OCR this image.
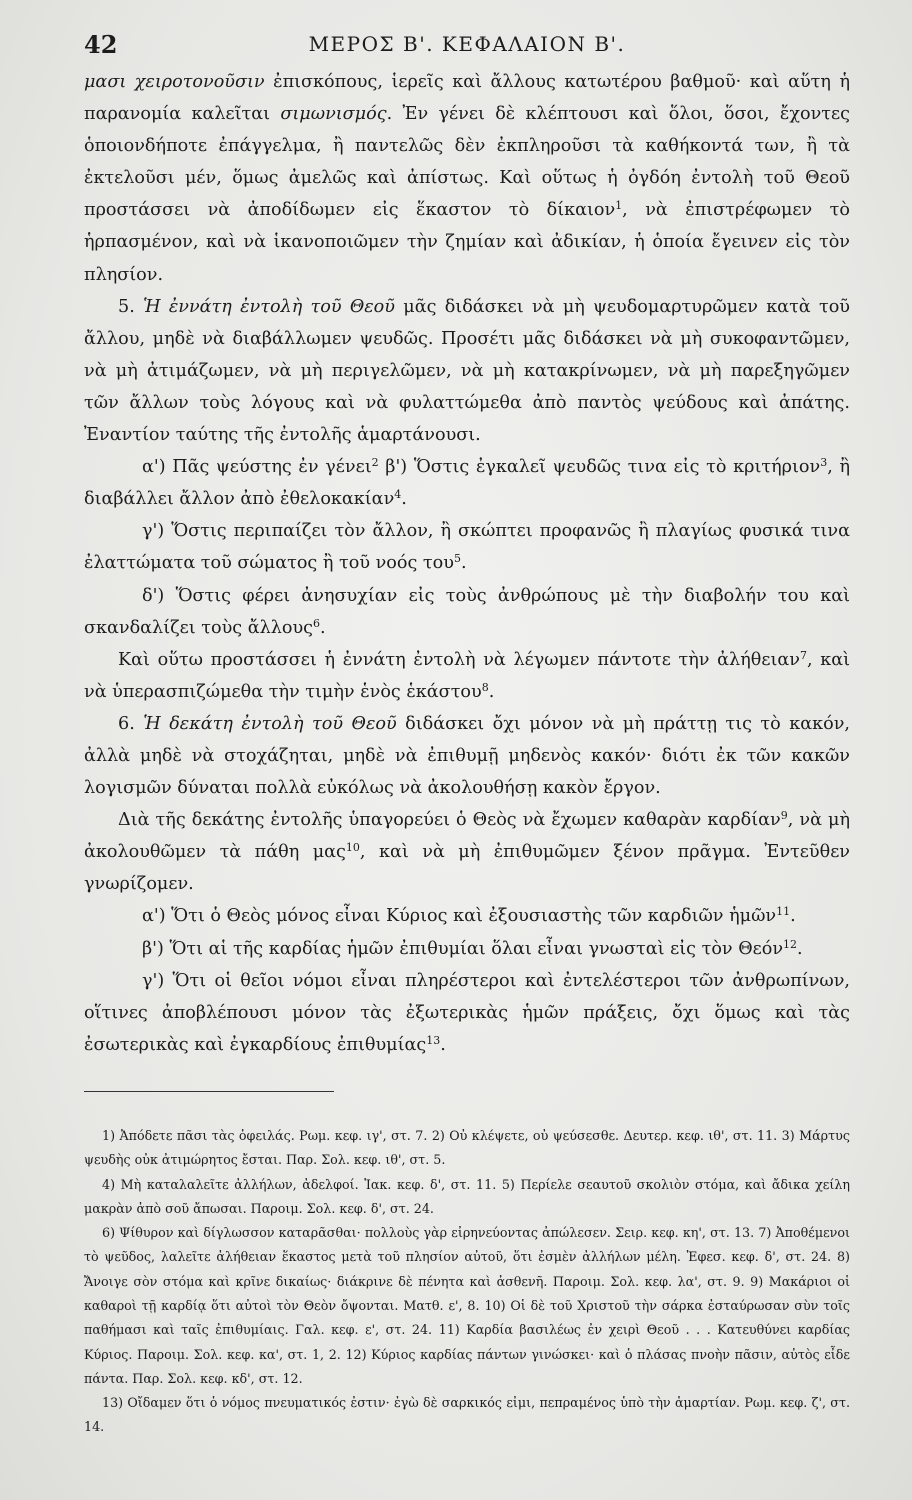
42	ΜΕΡΟΣ Β'. ΚΕΦΑΛΑΙΟΝ Β'.

μασι χειροτονοῦσιν ἐπισκόπους, ἱερεῖς καὶ ἄλλους κατωτέρου βαθμοῦ· καὶ αὕτη ἡ παρανομία καλεῖται σιμωνισμός. Ἐν γένει δὲ κλέπτουσι καὶ ὅλοι, ὅσοι, ἔχοντες ὁποιονδήποτε ἐπάγγελμα, ἢ παντελῶς δὲν ἐκπληροῦσι τὰ καθήκοντά των, ἢ τὰ ἐκτελοῦσι μέν, ὅμως ἀμελῶς καὶ ἀπίστως. Καὶ οὕτως ἡ ὀγδόη ἐντολὴ τοῦ Θεοῦ προστάσσει νὰ ἀποδίδωμεν εἰς ἕκαστον τὸ δίκαιον$^1$, νὰ ἐπιστρέφωμεν τὸ ἡρπασμένον, καὶ νὰ ἱκανοποιῶμεν τὴν ζημίαν καὶ ἀδικίαν, ἡ ὁποία ἔγεινεν εἰς τὸν πλησίον.

5. Ἡ ἐννάτη ἐντολὴ τοῦ Θεοῦ μᾶς διδάσκει νὰ μὴ ψευδομαρτυρῶμεν κατὰ τοῦ ἄλλου, μηδὲ νὰ διαβάλλωμεν ψευδῶς. Προσέτι μᾶς διδάσκει νὰ μὴ συκοφαντῶμεν, νὰ μὴ ἀτιμάζωμεν, νὰ μὴ περιγελῶμεν, νὰ μὴ κατακρίνωμεν, νὰ μὴ παρεξηγῶμεν τῶν ἄλλων τοὺς λόγους καὶ νὰ φυλαττώμεθα ἀπὸ παντὸς ψεύδους καὶ ἀπάτης. Ἐναντίον ταύτης τῆς ἐντολῆς ἁμαρτάνουσι.

α') Πᾶς ψεύστης ἐν γένει$^2$ β') Ὅστις ἐγκαλεῖ ψευδῶς τινα εἰς τὸ κριτήριον$^3$, ἢ διαβάλλει ἄλλον ἀπὸ ἐθελοκακίαν$^4$.

γ') Ὅστις περιπαίζει τὸν ἄλλον, ἢ σκώπτει προφανῶς ἢ πλαγίως φυσικά τινα ἐλαττώματα τοῦ σώματος ἢ τοῦ νοός του$^5$.

δ') Ὅστις φέρει ἀνησυχίαν εἰς τοὺς ἀνθρώπους μὲ τὴν διαβολήν του καὶ σκανδαλίζει τοὺς ἄλλους$^6$.

Καὶ οὕτω προστάσσει ἡ ἐννάτη ἐντολὴ νὰ λέγωμεν πάντοτε τὴν ἀλήθειαν$^7$, καὶ νὰ ὑπερασπιζώμεθα τὴν τιμὴν ἑνὸς ἑκάστου$^8$.

6. Ἡ δεκάτη ἐντολὴ τοῦ Θεοῦ διδάσκει ὄχι μόνον νὰ μὴ πράττῃ τις τὸ κακόν, ἀλλὰ μηδὲ νὰ στοχάζηται, μηδὲ νὰ ἐπιθυμῇ μηδενὸς κακόν· διότι ἐκ τῶν κακῶν λογισμῶν δύναται πολλὰ εὐκόλως νὰ ἀκολουθήσῃ κακὸν ἔργον.

Διὰ τῆς δεκάτης ἐντολῆς ὑπαγορεύει ὁ Θεὸς νὰ ἔχωμεν καθαρὰν καρδίαν$^9$, νὰ μὴ ἀκολουθῶμεν τὰ πάθη μας$^{10}$, καὶ νὰ μὴ ἐπιθυμῶμεν ξένον πρᾶγμα. Ἐντεῦθεν γνωρίζομεν.

α') Ὅτι ὁ Θεὸς μόνος εἶναι Κύριος καὶ ἐξουσιαστὴς τῶν καρδιῶν ἡμῶν$^{11}$.

β') Ὅτι αἱ τῆς καρδίας ἡμῶν ἐπιθυμίαι ὅλαι εἶναι γνωσταὶ εἰς τὸν Θεόν$^{12}$.

γ') Ὅτι οἱ θεῖοι νόμοι εἶναι πληρέστεροι καὶ ἐντελέστεροι τῶν ἀνθρωπίνων, οἵτινες ἀποβλέπουσι μόνον τὰς ἐξωτερικὰς ἡμῶν πράξεις, ὄχι ὅμως καὶ τὰς ἐσωτερικὰς καὶ ἐγκαρδίους ἐπιθυμίας$^{13}$.

1) Ἀπόδετε πᾶσι τὰς ὀφειλάς. Ρωμ. κεφ. ιγ', στ. 7. 2) Οὐ κλέψετε, οὐ ψεύσεσθε. Δευτερ. κεφ. ιθ', στ. 11. 3) Μάρτυς ψευδὴς οὐκ ἀτιμώρητος ἔσται. Παρ. Σολ. κεφ. ιθ', στ. 5.

4) Μὴ καταλαλεῖτε ἀλλήλων, ἀδελφοί. Ἰακ. κεφ. δ', στ. 11. 5) Περίελε σεαυτοῦ σκολιὸν στόμα, καὶ ἄδικα χείλη μακρὰν ἀπὸ σοῦ ἄπωσαι. Παροιμ. Σολ. κεφ. δ', στ. 24.

6) Ψίθυρον καὶ δίγλωσσον καταρᾶσθαι· πολλοὺς γὰρ εἰρηνεύοντας ἀπώλεσεν. Σειρ. κεφ. κη', στ. 13. 7) Ἀποθέμενοι τὸ ψεῦδος, λαλεῖτε ἀλήθειαν ἕκαστος μετὰ τοῦ πλησίον αὐτοῦ, ὅτι ἐσμὲν ἀλλήλων μέλη. Ἐφεσ. κεφ. δ', στ. 24. 8) Ἄνοιγε σὸν στόμα καὶ κρῖνε δικαίως· διάκρινε δὲ πένητα καὶ ἀσθενῆ. Παροιμ. Σολ. κεφ. λα', στ. 9. 9) Μακάριοι οἱ καθαροὶ τῇ καρδίᾳ ὅτι αὐτοὶ τὸν Θεὸν ὄψονται. Ματθ. ε', 8. 10) Οἱ δὲ τοῦ Χριστοῦ τὴν σάρκα ἐσταύρωσαν σὺν τοῖς παθήμασι καὶ ταῖς ἐπιθυμίαις. Γαλ. κεφ. ε', στ. 24. 11) Καρδία βασιλέως ἐν χειρὶ Θεοῦ . . . Κατευθύνει καρδίας Κύριος. Παροιμ. Σολ. κεφ. κα', στ. 1, 2. 12) Κύριος καρδίας πάντων γινώσκει· καὶ ὁ πλάσας πνοὴν πᾶσιν, αὐτὸς εἶδε πάντα. Παρ. Σολ. κεφ. κδ', στ. 12.

13) Οἴδαμεν ὅτι ὁ νόμος πνευματικός ἐστιν· ἐγὼ δὲ σαρκικός εἰμι, πεπραμένος ὑπὸ τὴν ἁμαρτίαν. Ρωμ. κεφ. ζ', στ. 14.
